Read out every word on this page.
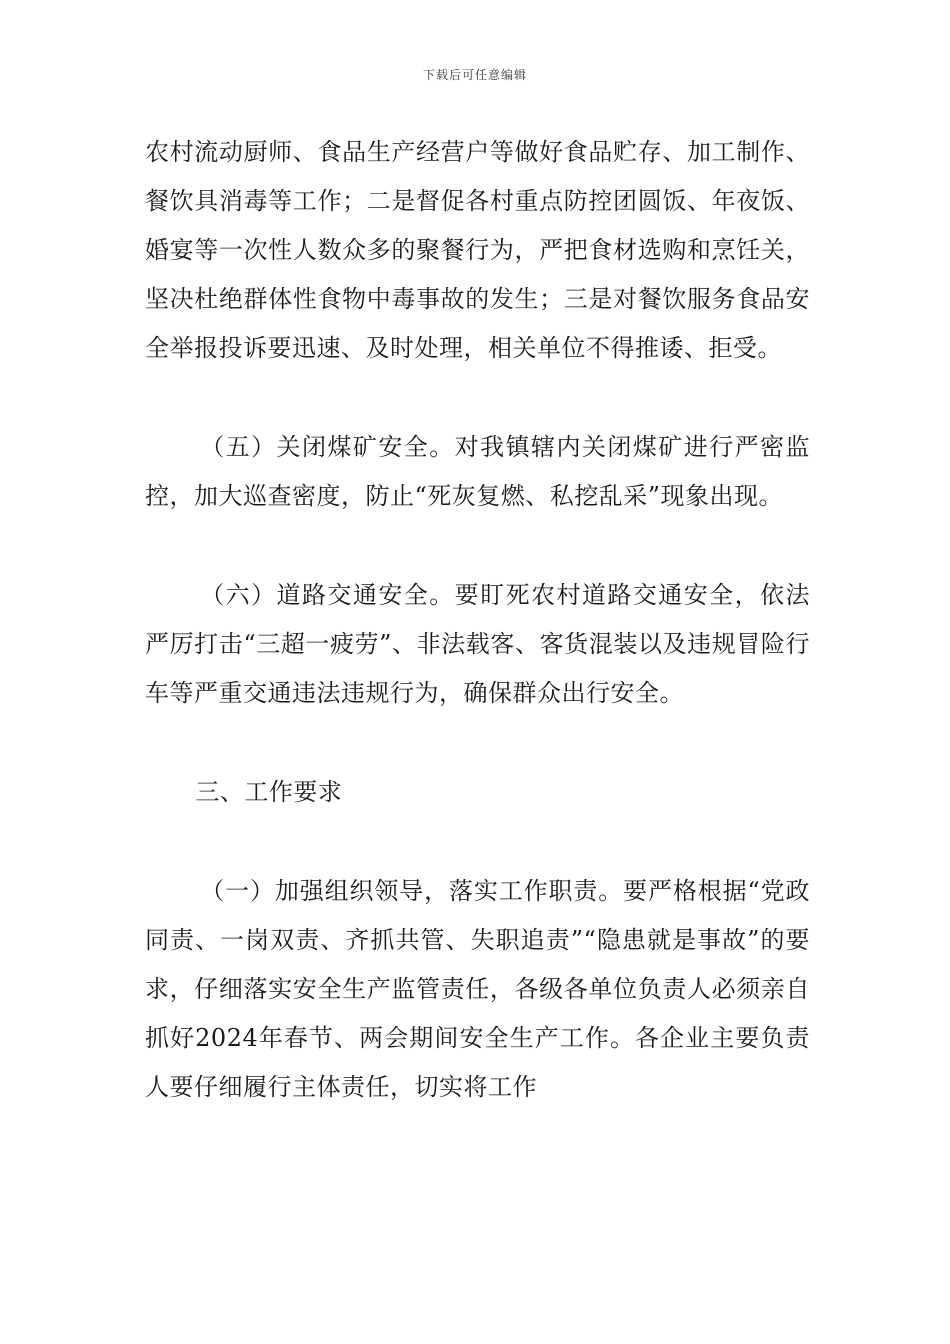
下载后可任意编辑

农村流动厨师、食品生产经营户等做好食品贮存、加工制作、餐饮具消毒等工作；二是督促各村重点防控团圆饭、年夜饭、婚宴等一次性人数众多的聚餐行为，严把食材选购和烹饪关，坚决杜绝群体性食物中毒事故的发生；三是对餐饮服务食品安全举报投诉要迅速、及时处理，相关单位不得推诿、拒受。

（五）关闭煤矿安全。对我镇辖内关闭煤矿进行严密监控，加大巡查密度，防止“死灰复燃、私挖乱采”现象出现。

（六）道路交通安全。要盯死农村道路交通安全，依法严厉打击“三超一疲劳”、非法载客、客货混装以及违规冒险行车等严重交通违法违规行为，确保群众出行安全。

三、工作要求

（一）加强组织领导，落实工作职责。要严格根据“党政同责、一岗双责、齐抓共管、失职追责”“隐患就是事故”的要求，仔细落实安全生产监管责任，各级各单位负责人必须亲自抓好2024年春节、两会期间安全生产工作。各企业主要负责人要仔细履行主体责任，切实将工作
